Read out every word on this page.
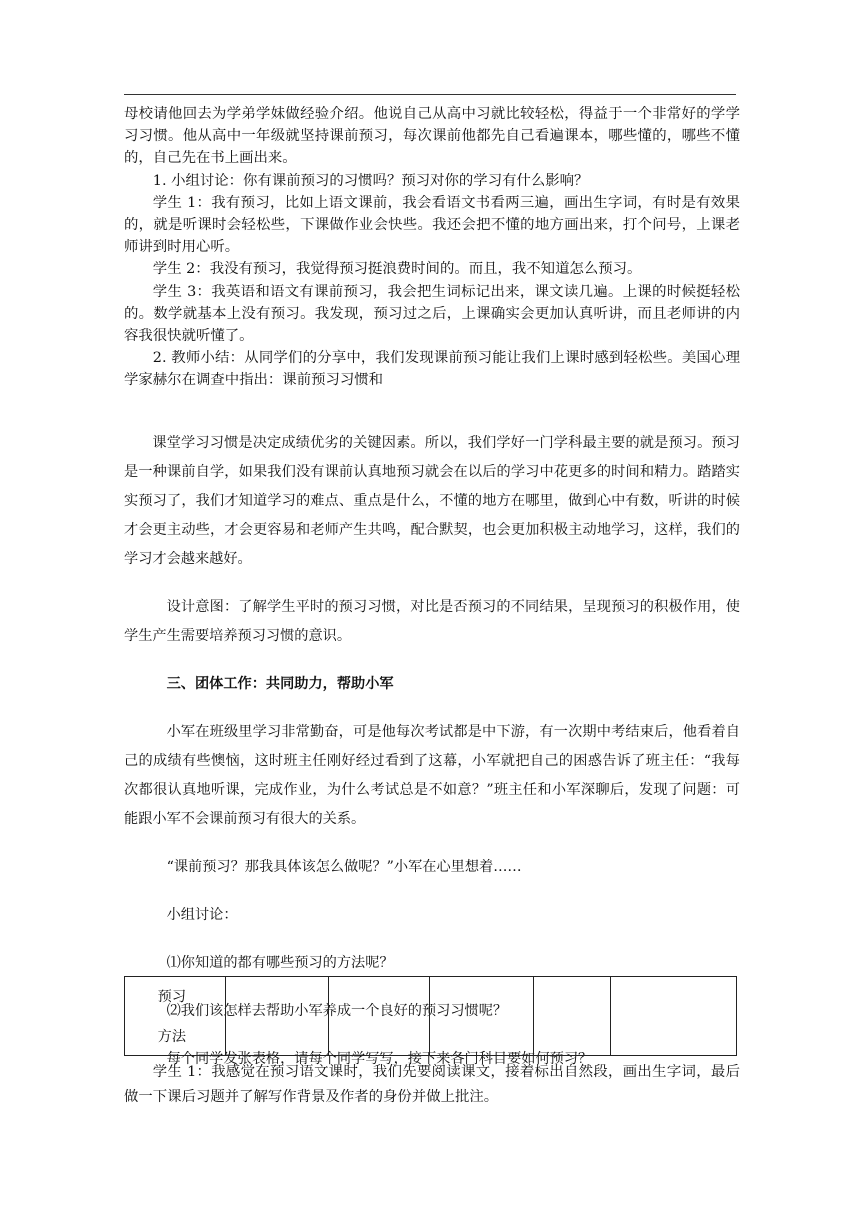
母校请他回去为学弟学妹做经验介绍。他说自己从高中习就比较轻松，得益于一个非常好的学学习习惯。他从高中一年级就坚持课前预习，每次课前他都先自己看遍课本，哪些懂的，哪些不懂的，自己先在书上画出来。

1. 小组讨论：你有课前预习的习惯吗？预习对你的学习有什么影响？

学生 1：我有预习，比如上语文课前，我会看语文书看两三遍，画出生字词，有时是有效果的，就是听课时会轻松些，下课做作业会快些。我还会把不懂的地方画出来，打个问号，上课老师讲到时用心听。

学生 2：我没有预习，我觉得预习挺浪费时间的。而且，我不知道怎么预习。

学生 3：我英语和语文有课前预习，我会把生词标记出来，课文读几遍。上课的时候挺轻松的。数学就基本上没有预习。我发现，预习过之后，上课确实会更加认真听讲，而且老师讲的内容我很快就听懂了。

2. 教师小结：从同学们的分享中，我们发现课前预习能让我们上课时感到轻松些。美国心理学家赫尔在调查中指出：课前预习习惯和

课堂学习习惯是决定成绩优劣的关键因素。所以，我们学好一门学科最主要的就是预习。预习是一种课前自学，如果我们没有课前认真地预习就会在以后的学习中花更多的时间和精力。踏踏实实预习了，我们才知道学习的难点、重点是什么，不懂的地方在哪里，做到心中有数，听讲的时候才会更主动些，才会更容易和老师产生共鸣，配合默契，也会更加积极主动地学习，这样，我们的学习才会越来越好。

设计意图：了解学生平时的预习习惯，对比是否预习的不同结果，呈现预习的积极作用，使学生产生需要培养预习习惯的意识。

三、团体工作：共同助力，帮助小军

小军在班级里学习非常勤奋，可是他每次考试都是中下游，有一次期中考结束后，他看着自己的成绩有些懊恼，这时班主任刚好经过看到了这幕，小军就把自己的困惑告诉了班主任：“我每次都很认真地听课，完成作业，为什么考试总是不如意？”班主任和小军深聊后，发现了问题：可能跟小军不会课前预习有很大的关系。

“课前预习？那我具体该怎么做呢？”小军在心里想着……

小组讨论：

⑴你知道的都有哪些预习的方法呢？

⑵我们该怎样去帮助小军养成一个良好的预习习惯呢？

每个同学发张表格，请每个同学写写，接下来各门科目要如何预习？

预习
方法

学生 1：我感觉在预习语文课时，我们先要阅读课文，接着标出自然段，画出生字词，最后做一下课后习题并了解写作背景及作者的身份并做上批注。
